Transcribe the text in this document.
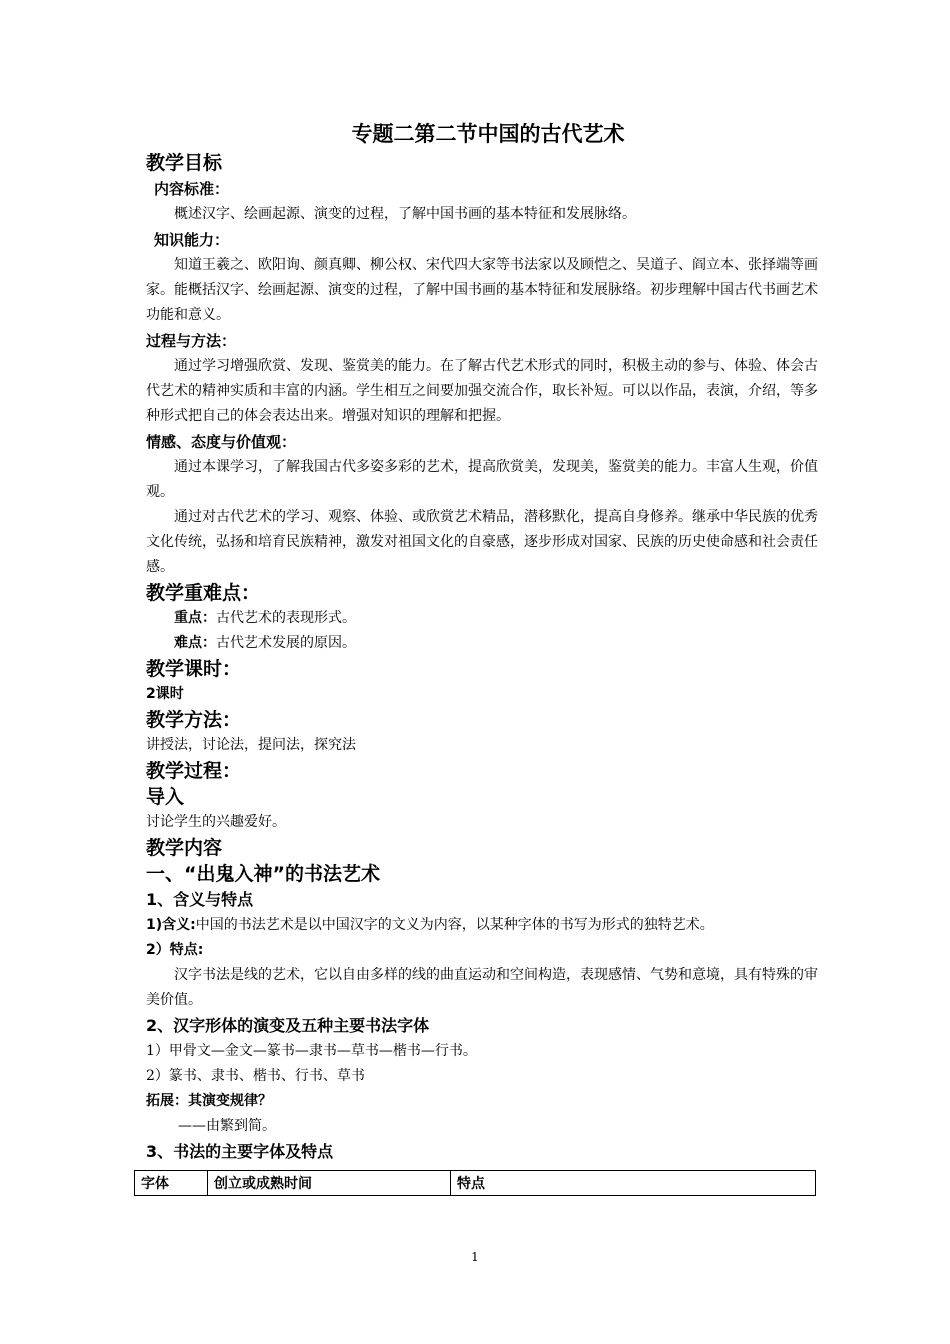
专题二第二节中国的古代艺术
教学目标
内容标准：
概述汉字、绘画起源、演变的过程，了解中国书画的基本特征和发展脉络。
知识能力：
知道王羲之、欧阳询、颜真卿、柳公权、宋代四大家等书法家以及顾恺之、吴道子、阎立本、张择端等画家。能概括汉字、绘画起源、演变的过程，了解中国书画的基本特征和发展脉络。初步理解中国古代书画艺术功能和意义。
过程与方法：
通过学习增强欣赏、发现、鉴赏美的能力。在了解古代艺术形式的同时，积极主动的参与、体验、体会古代艺术的精神实质和丰富的内涵。学生相互之间要加强交流合作，取长补短。可以以作品，表演，介绍，等多种形式把自己的体会表达出来。增强对知识的理解和把握。
情感、态度与价值观：
通过本课学习，了解我国古代多姿多彩的艺术，提高欣赏美，发现美，鉴赏美的能力。丰富人生观，价值观。
通过对古代艺术的学习、观察、体验、或欣赏艺术精品，潜移默化，提高自身修养。继承中华民族的优秀文化传统，弘扬和培育民族精神，激发对祖国文化的自豪感，逐步形成对国家、民族的历史使命感和社会责任感。
教学重难点：
重点：古代艺术的表现形式。
难点：古代艺术发展的原因。
教学课时：
2课时
教学方法：
讲授法，讨论法，提问法，探究法
教学过程：
导入
讨论学生的兴趣爱好。
教学内容
一、“出鬼入神”的书法艺术
1、含义与特点
1)含义:中国的书法艺术是以中国汉字的文义为内容，以某种字体的书写为形式的独特艺术。
2）特点:
汉字书法是线的艺术，它以自由多样的线的曲直运动和空间构造，表现感情、气势和意境，具有特殊的审美价值。
2、汉字形体的演变及五种主要书法字体
1）甲骨文—金文—篆书—隶书—草书—楷书—行书。
2）篆书、隶书、楷书、行书、草书
拓展：其演变规律？
——由繁到简。
3、书法的主要字体及特点
字体	创立或成熟时间	特点
1
